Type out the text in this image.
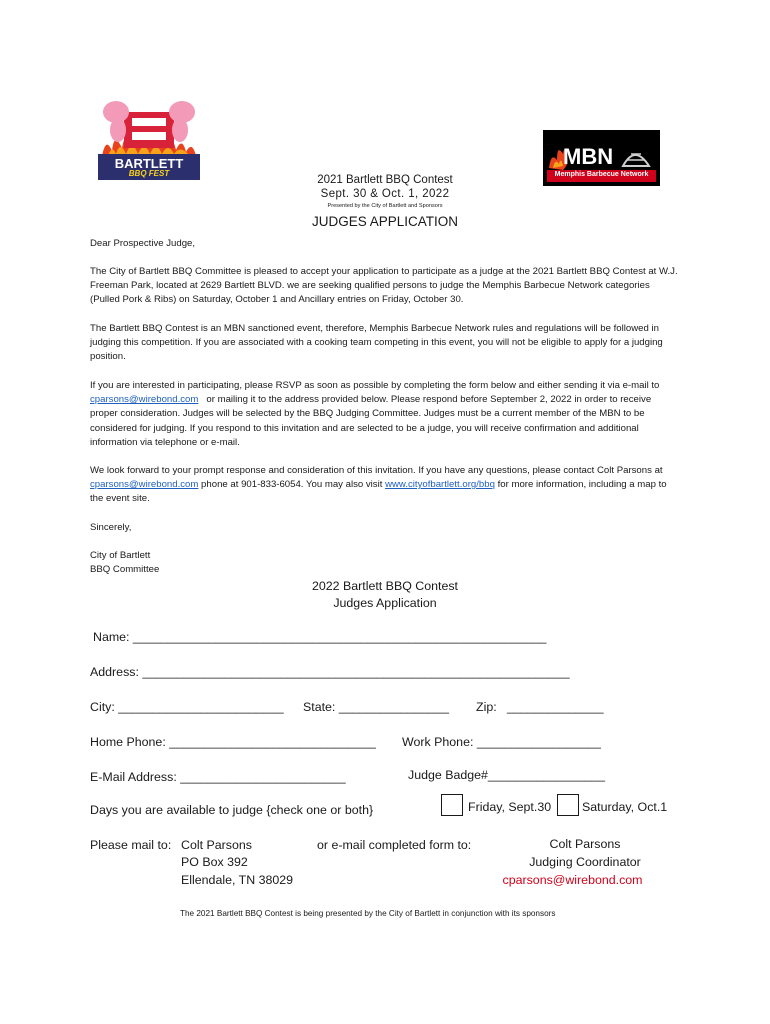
BARTLETT
BBQ FEST
MBN
Memphis Barbecue Network
2021 Bartlett BBQ Contest
Sept. 30 & Oct. 1, 2022
Presented by the City of Bartlett and Sponsors
JUDGES APPLICATION

Dear Prospective Judge,

The City of Bartlett BBQ Committee is pleased to accept your application to participate as a judge at the 2021 Bartlett BBQ Contest at W.J. Freeman Park, located at 2629 Bartlett BLVD. we are seeking qualified persons to judge the Memphis Barbecue Network categories (Pulled Pork & Ribs) on Saturday, October 1 and Ancillary entries on Friday, October 30.

The Bartlett BBQ Contest is an MBN sanctioned event, therefore, Memphis Barbecue Network rules and regulations will be followed in judging this competition. If you are associated with a cooking team competing in this event, you will not be eligible to apply for a judging position.

If you are interested in participating, please RSVP as soon as possible by completing the form below and either sending it via e-mail to cparsons@wirebond.com   or mailing it to the address provided below. Please respond before September 2, 2022 in order to receive proper consideration. Judges will be selected by the BBQ Judging Committee. Judges must be a current member of the MBN to be considered for judging. If you respond to this invitation and are selected to be a judge, you will receive confirmation and additional information via telephone or e-mail.

We look forward to your prompt response and consideration of this invitation. If you have any questions, please contact Colt Parsons at cparsons@wirebond.com phone at 901-833-6054. You may also visit www.cityofbartlett.org/bbq for more information, including a map to the event site.

Sincerely,

City of Bartlett

BBQ Committee

2022 Bartlett BBQ Contest
Judges Application
Name: ____________________________________________________________
Address: ______________________________________________________________
City: ________________________ State: ________________ Zip:   ______________
Home Phone: ______________________________ Work Phone: __________________
E-Mail Address: ________________________	Judge Badge#_________________
Days you are available to judge {check one or both}	Friday, Sept.30 Saturday, Oct.1
Please mail to: Colt Parsons
PO Box 392
Ellendale, TN 38029
or e-mail completed form to:	Colt Parsons
Judging Coordinator
cparsons@wirebond.com
The 2021 Bartlett BBQ Contest is being presented by the City of Bartlett in conjunction with its sponsors
